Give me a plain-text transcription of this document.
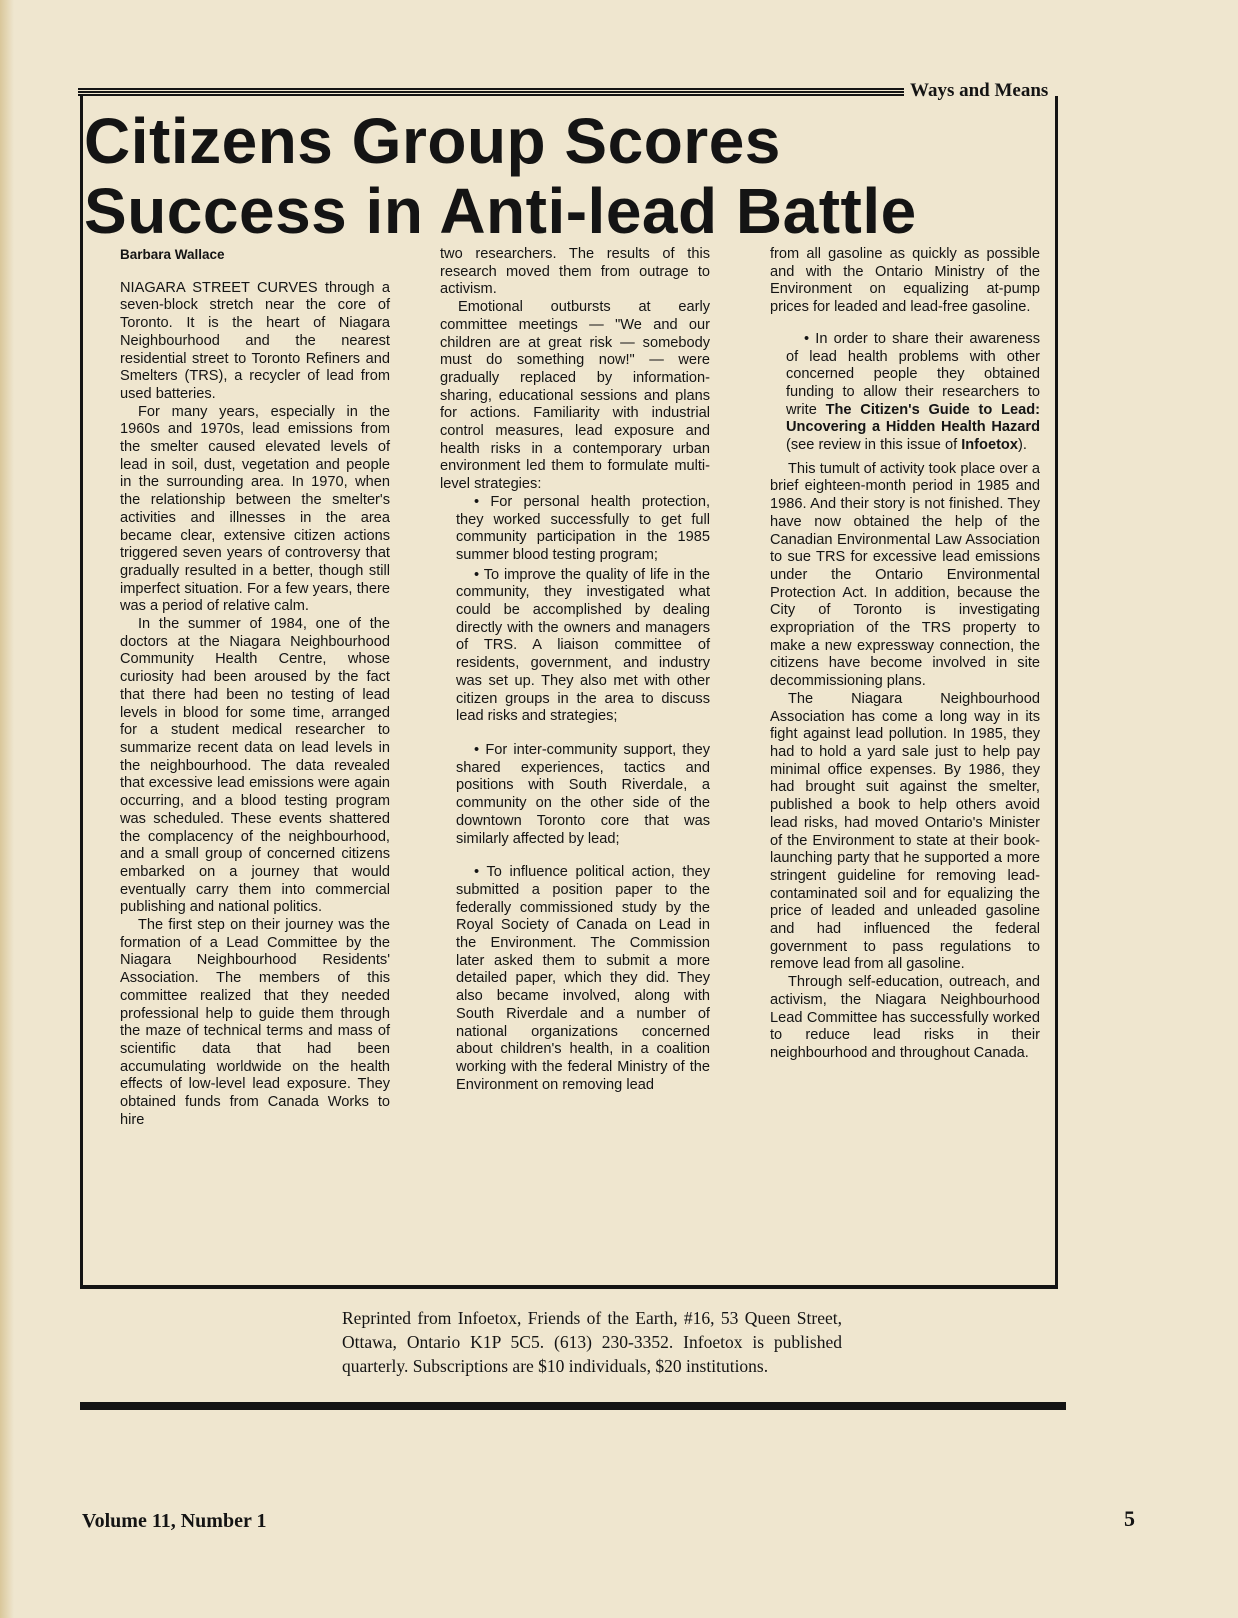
Ways and Means
Citizens Group Scores
Success in Anti-lead Battle

Barbara Wallace

NIAGARA STREET CURVES through a seven-block stretch near the core of Toronto. It is the heart of Niagara Neighbourhood and the nearest residential street to Toronto Refiners and Smelters (TRS), a recycler of lead from used batteries.

For many years, especially in the 1960s and 1970s, lead emissions from the smelter caused elevated levels of lead in soil, dust, vegetation and people in the surrounding area. In 1970, when the relationship between the smelter's activities and illnesses in the area became clear, extensive citizen actions triggered seven years of controversy that gradually resulted in a better, though still imperfect situation. For a few years, there was a period of relative calm.

In the summer of 1984, one of the doctors at the Niagara Neighbourhood Community Health Centre, whose curiosity had been aroused by the fact that there had been no testing of lead levels in blood for some time, arranged for a student medical researcher to summarize recent data on lead levels in the neighbourhood. The data revealed that excessive lead emissions were again occurring, and a blood testing program was scheduled. These events shattered the complacency of the neighbourhood, and a small group of concerned citizens embarked on a journey that would eventually carry them into commercial publishing and national politics.

The first step on their journey was the formation of a Lead Committee by the Niagara Neighbourhood Residents' Association. The members of this committee realized that they needed professional help to guide them through the maze of technical terms and mass of scientific data that had been accumulating worldwide on the health effects of low-level lead exposure. They obtained funds from Canada Works to hire

two researchers. The results of this research moved them from outrage to activism.

Emotional outbursts at early committee meetings — "We and our children are at great risk — somebody must do something now!" — were gradually replaced by information-sharing, educational sessions and plans for actions. Familiarity with industrial control measures, lead exposure and health risks in a contemporary urban environment led them to formulate multi-level strategies:

• For personal health protection, they worked successfully to get full community participation in the 1985 summer blood testing program;

• To improve the quality of life in the community, they investigated what could be accomplished by dealing directly with the owners and managers of TRS. A liaison committee of residents, government, and industry was set up. They also met with other citizen groups in the area to discuss lead risks and strategies;

• For inter-community support, they shared experiences, tactics and positions with South Riverdale, a community on the other side of the downtown Toronto core that was similarly affected by lead;

• To influence political action, they submitted a position paper to the federally commissioned study by the Royal Society of Canada on Lead in the Environment. The Commission later asked them to submit a more detailed paper, which they did. They also became involved, along with South Riverdale and a number of national organizations concerned about children's health, in a coalition working with the federal Ministry of the Environment on removing lead

from all gasoline as quickly as possible and with the Ontario Ministry of the Environment on equalizing at-pump prices for leaded and lead-free gasoline.

• In order to share their awareness of lead health problems with other concerned people they obtained funding to allow their researchers to write The Citizen's Guide to Lead: Uncovering a Hidden Health Hazard (see review in this issue of Infoetox).

This tumult of activity took place over a brief eighteen-month period in 1985 and 1986. And their story is not finished. They have now obtained the help of the Canadian Environmental Law Association to sue TRS for excessive lead emissions under the Ontario Environmental Protection Act. In addition, because the City of Toronto is investigating expropriation of the TRS property to make a new expressway connection, the citizens have become involved in site decommissioning plans.

The Niagara Neighbourhood Association has come a long way in its fight against lead pollution. In 1985, they had to hold a yard sale just to help pay minimal office expenses. By 1986, they had brought suit against the smelter, published a book to help others avoid lead risks, had moved Ontario's Minister of the Environment to state at their book-launching party that he supported a more stringent guideline for removing lead-contaminated soil and for equalizing the price of leaded and unleaded gasoline and had influenced the federal government to pass regulations to remove lead from all gasoline.

Through self-education, outreach, and activism, the Niagara Neighbourhood Lead Committee has successfully worked to reduce lead risks in their neighbourhood and throughout Canada.

Reprinted from Infoetox, Friends of the Earth, #16, 53 Queen Street, Ottawa, Ontario K1P 5C5. (613) 230-3352. Infoetox is published quarterly. Subscriptions are $10 individuals, $20 institutions.
Volume 11, Number 1	5
